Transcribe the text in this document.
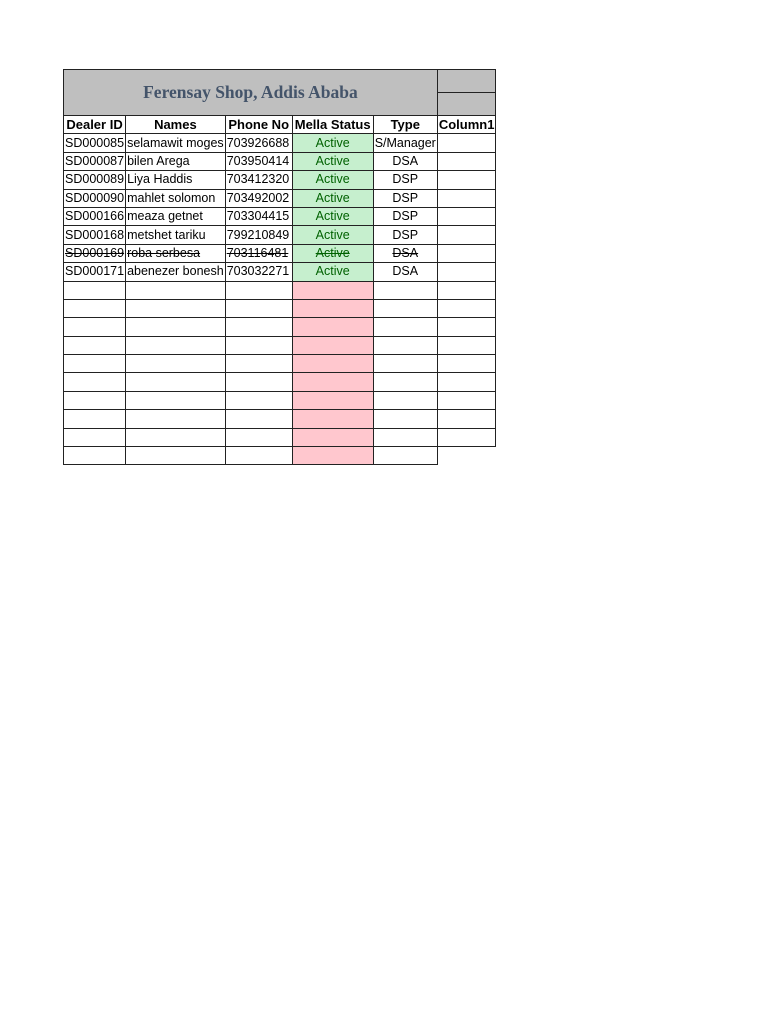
Ferensay Shop, Addis Ababa					

Dealer ID	Names	Phone No	Mella Status	Type	Column1
SD000085	selamawit moges	703926688	Active	S/Manager	
SD000087	bilen Arega	703950414	Active	DSA	
SD000089	Liya Haddis	703412320	Active	DSP	
SD000090	mahlet solomon	703492002	Active	DSP	
SD000166	meaza getnet	703304415	Active	DSP	
SD000168	metshet tariku	799210849	Active	DSP	
SD000169	roba serbesa	703116481	Active	DSA	
SD000171	abenezer bonesh	703032271	Active	DSA	
